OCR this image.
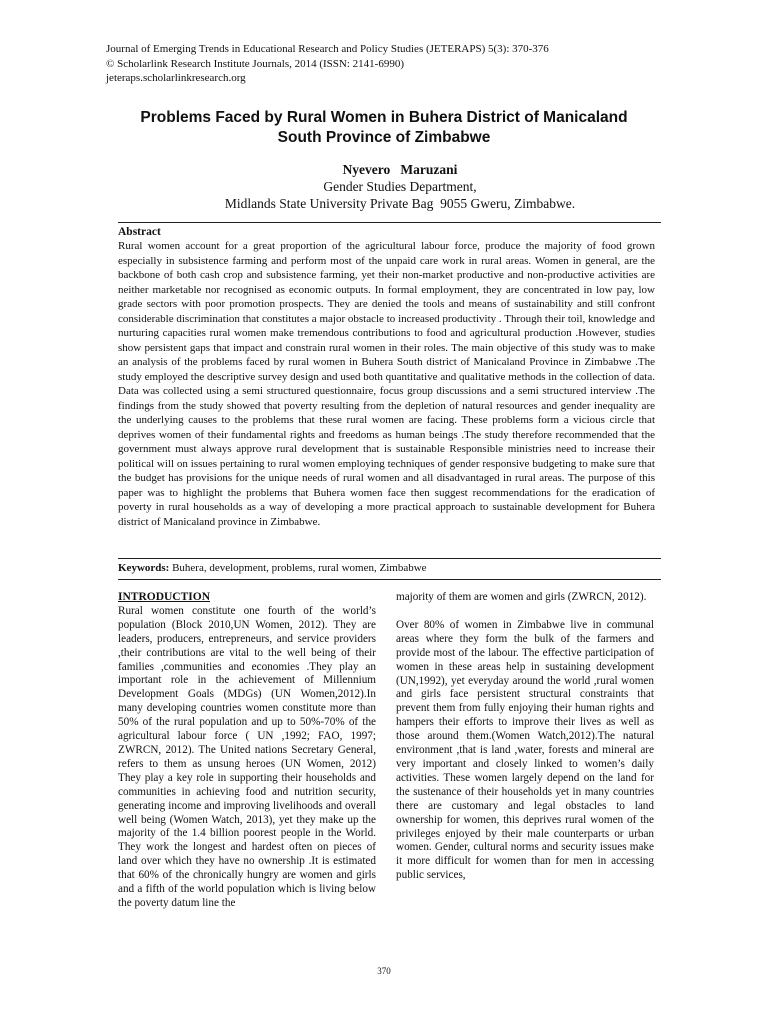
Journal of Emerging Trends in Educational Research and Policy Studies (JETERAPS) 5(3): 370-376
© Scholarlink Research Institute Journals, 2014 (ISSN: 2141-6990)
jeteraps.scholarlinkresearch.org
Problems Faced by Rural Women in Buhera District of Manicaland
South Province of Zimbabwe
Nyevero   Maruzani
Gender Studies Department,
Midlands State University Private Bag  9055 Gweru, Zimbabwe.
Abstract
Rural women account for a great proportion of the agricultural labour force, produce the majority of food grown especially in subsistence farming and perform most of the unpaid care work in rural areas. Women in general, are the backbone of both cash crop and subsistence farming, yet their non-market productive and non-productive activities are neither marketable nor recognised as economic outputs. In formal employment, they are concentrated in low pay, low grade sectors with poor promotion prospects. They are denied the tools and means of sustainability and still confront considerable discrimination that constitutes a major obstacle to increased productivity . Through their toil, knowledge and nurturing capacities rural women make tremendous contributions to food and agricultural production .However, studies show persistent gaps that impact and constrain rural women in their roles. The main objective of this study was to make an analysis of the problems faced by rural women in Buhera South district of Manicaland Province in Zimbabwe .The study employed the descriptive survey design and used both quantitative and qualitative methods in the collection of data. Data was collected using a semi structured questionnaire, focus group discussions and a semi structured interview .The findings from the study showed that poverty resulting from the depletion of natural resources and gender inequality are the underlying causes to the problems that these rural women are facing. These problems form a vicious circle that deprives women of their fundamental rights and freedoms as human beings .The study therefore recommended that the government must always approve rural development that is sustainable Responsible ministries need to increase their political will on issues pertaining to rural women employing techniques of gender responsive budgeting to make sure that the budget has provisions for the unique needs of rural women and all disadvantaged in rural areas. The purpose of this paper was to highlight the problems that Buhera women face then suggest recommendations for the eradication of poverty in rural households as a way of developing a more practical approach to sustainable development for Buhera district of Manicaland province in Zimbabwe.
Keywords: Buhera, development, problems, rural women, Zimbabwe
INTRODUCTION

Rural women constitute one fourth of the world’s population (Block 2010,UN Women, 2012). They are leaders, producers, entrepreneurs, and service providers ,their contributions are vital to the well being of their families ,communities and economies .They play an important role in the achievement of Millennium Development Goals (MDGs) (UN Women,2012).In many developing countries women constitute more than 50% of the rural population and up to 50%-70% of the agricultural labour force ( UN ,1992; FAO, 1997; ZWRCN, 2012). The United nations Secretary General, refers to them as unsung heroes (UN Women, 2012) They play a key role in supporting their households and communities in achieving food and nutrition security, generating income and improving livelihoods and overall well being (Women Watch, 2013), yet they make up the majority of the 1.4 billion poorest people in the World. They work the longest and hardest often on pieces of land over which they have no ownership .It is estimated that 60% of the chronically hungry are women and girls and a fifth of the world population which is living below the poverty datum line the

majority of them are women and girls (ZWRCN, 2012).

Over 80% of women in Zimbabwe live in communal areas where they form the bulk of the farmers and provide most of the labour. The effective participation of women in these areas help in sustaining development (UN,1992), yet everyday around the world ,rural women and girls face persistent structural constraints that prevent them from fully enjoying their human rights and hampers their efforts to improve their lives as well as those around them.(Women Watch,2012).The natural environment ,that is land ,water, forests and mineral are very important and closely linked to women’s daily activities. These women largely depend on the land for the sustenance of their households yet in many countries there are customary and legal obstacles to land ownership for women, this deprives rural women of the privileges enjoyed by their male counterparts or urban women. Gender, cultural norms and security issues make it more difficult for women than for men in accessing public services,

370
